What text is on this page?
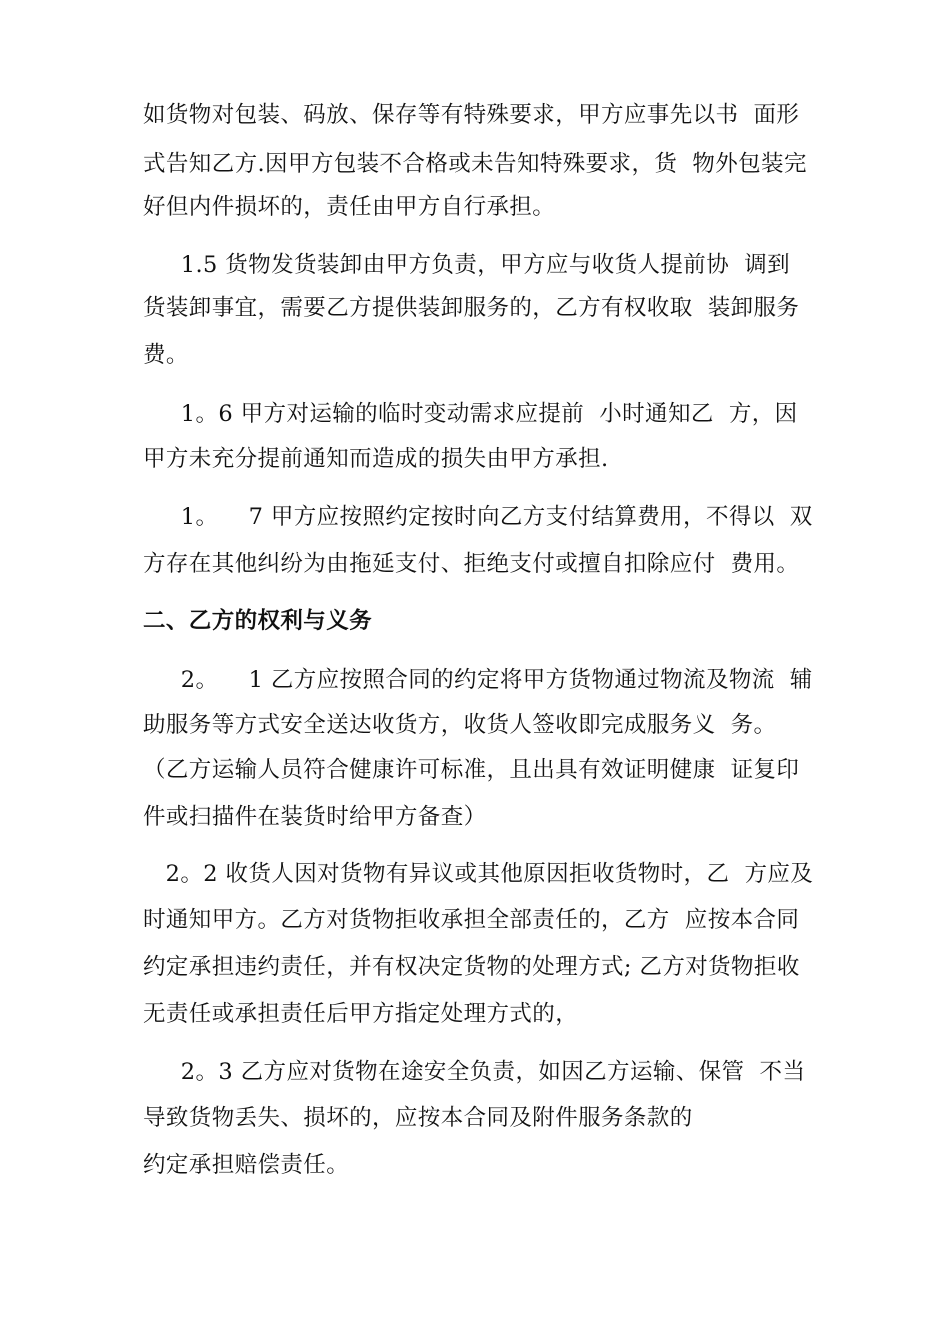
如货物对包装、码放、保存等有特殊要求，甲方应事先以书  面形
式告知乙方.因甲方包装不合格或未告知特殊要求，货  物外包装完
好但内件损坏的，责任由甲方自行承担。
1.5 货物发货装卸由甲方负责，甲方应与收货人提前协  调到
货装卸事宜，需要乙方提供装卸服务的，乙方有权收取  装卸服务
费。
1。6 甲方对运输的临时变动需求应提前  小时通知乙  方，因
甲方未充分提前通知而造成的损失由甲方承担.
1。    7 甲方应按照约定按时向乙方支付结算费用，不得以  双
方存在其他纠纷为由拖延支付、拒绝支付或擅自扣除应付  费用。
二、乙方的权利与义务
2。    1 乙方应按照合同的约定将甲方货物通过物流及物流  辅
助服务等方式安全送达收货方，收货人签收即完成服务义  务。
（乙方运输人员符合健康许可标准，且出具有效证明健康  证复印
件或扫描件在装货时给甲方备查）
2。2 收货人因对货物有异议或其他原因拒收货物时，乙  方应及
时通知甲方。乙方对货物拒收承担全部责任的，乙方  应按本合同
约定承担违约责任，并有权决定货物的处理方式; 乙方对货物拒收
无责任或承担责任后甲方指定处理方式的，
2。3 乙方应对货物在途安全负责，如因乙方运输、保管  不当
导致货物丢失、损坏的，应按本合同及附件服务条款的
约定承担赔偿责任。
